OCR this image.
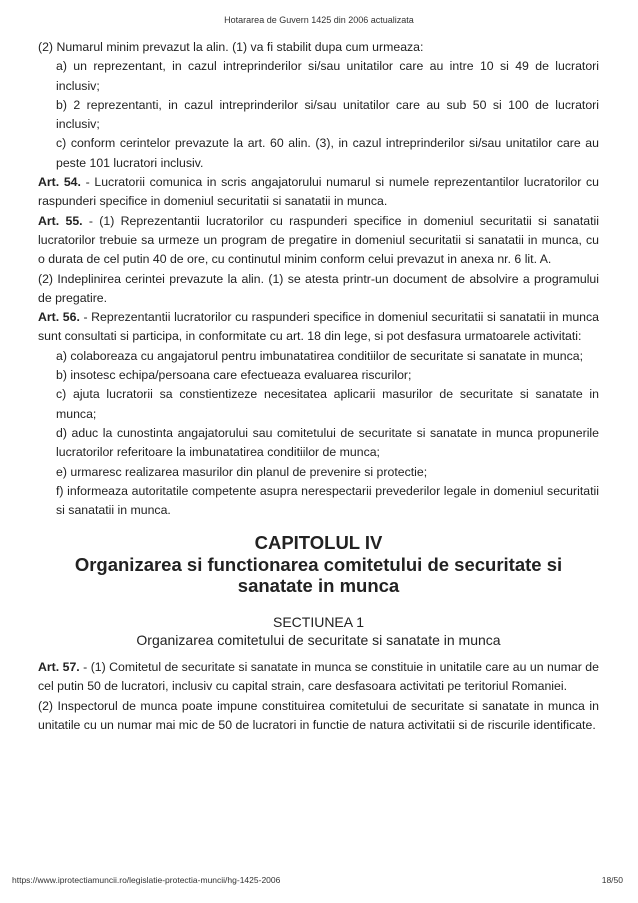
Hotararea de Guvern 1425 din 2006 actualizata

(2) Numarul minim prevazut la alin. (1) va fi stabilit dupa cum urmeaza:

a) un reprezentant, in cazul intreprinderilor si/sau unitatilor care au intre 10 si 49 de lucratori inclusiv;

b) 2 reprezentanti, in cazul intreprinderilor si/sau unitatilor care au sub 50 si 100 de lucratori inclusiv;

c) conform cerintelor prevazute la art. 60 alin. (3), in cazul intreprinderilor si/sau unitatilor care au peste 101 lucratori inclusiv.

Art. 54. - Lucratorii comunica in scris angajatorului numarul si numele reprezentantilor lucratorilor cu raspunderi specifice in domeniul securitatii si sanatatii in munca.

Art. 55. - (1) Reprezentantii lucratorilor cu raspunderi specifice in domeniul securitatii si sanatatii lucratorilor trebuie sa urmeze un program de pregatire in domeniul securitatii si sanatatii in munca, cu o durata de cel putin 40 de ore, cu continutul minim conform celui prevazut in anexa nr. 6 lit. A.

(2) Indeplinirea cerintei prevazute la alin. (1) se atesta printr-un document de absolvire a programului de pregatire.

Art. 56. - Reprezentantii lucratorilor cu raspunderi specifice in domeniul securitatii si sanatatii in munca sunt consultati si participa, in conformitate cu art. 18 din lege, si pot desfasura urmatoarele activitati:

a) colaboreaza cu angajatorul pentru imbunatatirea conditiilor de securitate si sanatate in munca;

b) insotesc echipa/persoana care efectueaza evaluarea riscurilor;

c) ajuta lucratorii sa constientizeze necesitatea aplicarii masurilor de securitate si sanatate in munca;

d) aduc la cunostinta angajatorului sau comitetului de securitate si sanatate in munca propunerile lucratorilor referitoare la imbunatatirea conditiilor de munca;

e) urmaresc realizarea masurilor din planul de prevenire si protectie;

f) informeaza autoritatile competente asupra nerespectarii prevederilor legale in domeniul securitatii si sanatatii in munca.

CAPITOLUL IV
Organizarea si functionarea comitetului de securitate si sanatate in munca
SECTIUNEA 1
Organizarea comitetului de securitate si sanatate in munca

Art. 57. - (1) Comitetul de securitate si sanatate in munca se constituie in unitatile care au un numar de cel putin 50 de lucratori, inclusiv cu capital strain, care desfasoara activitati pe teritoriul Romaniei.

(2) Inspectorul de munca poate impune constituirea comitetului de securitate si sanatate in munca in unitatile cu un numar mai mic de 50 de lucratori in functie de natura activitatii si de riscurile identificate.

https://www.iprotectiamuncii.ro/legislatie-protectia-muncii/hg-1425-2006	18/50
